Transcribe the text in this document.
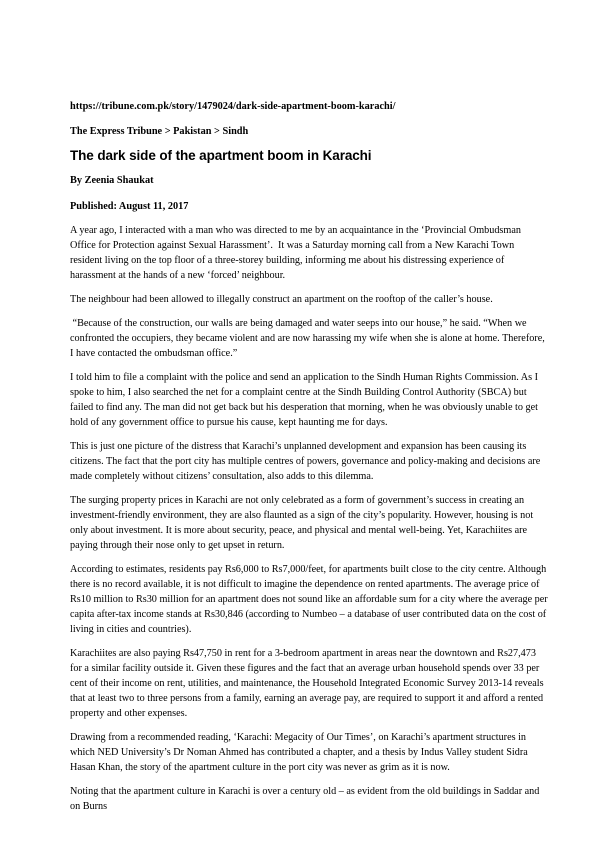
https://tribune.com.pk/story/1479024/dark-side-apartment-boom-karachi/
The Express Tribune > Pakistan > Sindh
The dark side of the apartment boom in Karachi
By Zeenia Shaukat
Published: August 11, 2017

A year ago, I interacted with a man who was directed to me by an acquaintance in the ‘Provincial Ombudsman Office for Protection against Sexual Harassment’.  It was a Saturday morning call from a New Karachi Town resident living on the top floor of a three-storey building, informing me about his distressing experience of harassment at the hands of a new ‘forced’ neighbour.

The neighbour had been allowed to illegally construct an apartment on the rooftop of the caller’s house.

“Because of the construction, our walls are being damaged and water seeps into our house,” he said. “When we confronted the occupiers, they became violent and are now harassing my wife when she is alone at home. Therefore, I have contacted the ombudsman office.”

I told him to file a complaint with the police and send an application to the Sindh Human Rights Commission. As I spoke to him, I also searched the net for a complaint centre at the Sindh Building Control Authority (SBCA) but failed to find any. The man did not get back but his desperation that morning, when he was obviously unable to get hold of any government office to pursue his cause, kept haunting me for days.

This is just one picture of the distress that Karachi’s unplanned development and expansion has been causing its citizens. The fact that the port city has multiple centres of powers, governance and policy-making and decisions are made completely without citizens’ consultation, also adds to this dilemma.

The surging property prices in Karachi are not only celebrated as a form of government’s success in creating an investment-friendly environment, they are also flaunted as a sign of the city’s popularity. However, housing is not only about investment. It is more about security, peace, and physical and mental well-being. Yet, Karachiites are paying through their nose only to get upset in return.

According to estimates, residents pay Rs6,000 to Rs7,000/feet, for apartments built close to the city centre. Although there is no record available, it is not difficult to imagine the dependence on rented apartments. The average price of Rs10 million to Rs30 million for an apartment does not sound like an affordable sum for a city where the average per capita after-tax income stands at Rs30,846 (according to Numbeo – a database of user contributed data on the cost of living in cities and countries).

Karachiites are also paying Rs47,750 in rent for a 3-bedroom apartment in areas near the downtown and Rs27,473 for a similar facility outside it. Given these figures and the fact that an average urban household spends over 33 per cent of their income on rent, utilities, and maintenance, the Household Integrated Economic Survey 2013-14 reveals that at least two to three persons from a family, earning an average pay, are required to support it and afford a rented property and other expenses.

Drawing from a recommended reading, ‘Karachi: Megacity of Our Times’, on Karachi’s apartment structures in which NED University’s Dr Noman Ahmed has contributed a chapter, and a thesis by Indus Valley student Sidra Hasan Khan, the story of the apartment culture in the port city was never as grim as it is now.

Noting that the apartment culture in Karachi is over a century old – as evident from the old buildings in Saddar and on Burns
